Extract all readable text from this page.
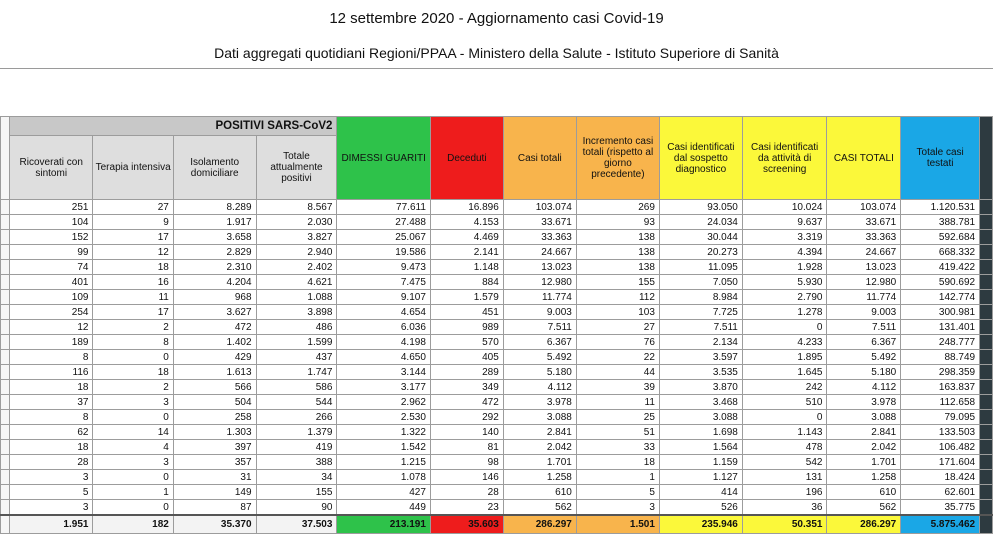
12 settembre 2020 - Aggiornamento casi Covid-19
Dati aggregati quotidiani Regioni/PPAA - Ministero della Salute - Istituto Superiore di Sanità
	POSITIVI SARS-CoV2				DIMESSI GUARITI	Deceduti	Casi totali	Incremento casi totali (rispetto al giorno precedente)	Casi identificati dal sospetto diagnostico	Casi identificati da attività di screening	CASI TOTALI	Totale casi testati	
	Ricoverati con sintomi	Terapia intensiva	Isolamento domiciliare	Totale attualmente positivi									
	251	27	8.289	8.567	77.611	16.896	103.074	269	93.050	10.024	103.074	1.120.531	
	104	9	1.917	2.030	27.488	4.153	33.671	93	24.034	9.637	33.671	388.781	
	152	17	3.658	3.827	25.067	4.469	33.363	138	30.044	3.319	33.363	592.684	
	99	12	2.829	2.940	19.586	2.141	24.667	138	20.273	4.394	24.667	668.332	
	74	18	2.310	2.402	9.473	1.148	13.023	138	11.095	1.928	13.023	419.422	
	401	16	4.204	4.621	7.475	884	12.980	155	7.050	5.930	12.980	590.692	
	109	11	968	1.088	9.107	1.579	11.774	112	8.984	2.790	11.774	142.774	
	254	17	3.627	3.898	4.654	451	9.003	103	7.725	1.278	9.003	300.981	
	12	2	472	486	6.036	989	7.511	27	7.511	0	7.511	131.401	
	189	8	1.402	1.599	4.198	570	6.367	76	2.134	4.233	6.367	248.777	
	8	0	429	437	4.650	405	5.492	22	3.597	1.895	5.492	88.749	
	116	18	1.613	1.747	3.144	289	5.180	44	3.535	1.645	5.180	298.359	
	18	2	566	586	3.177	349	4.112	39	3.870	242	4.112	163.837	
	37	3	504	544	2.962	472	3.978	11	3.468	510	3.978	112.658	
	8	0	258	266	2.530	292	3.088	25	3.088	0	3.088	79.095	
	62	14	1.303	1.379	1.322	140	2.841	51	1.698	1.143	2.841	133.503	
	18	4	397	419	1.542	81	2.042	33	1.564	478	2.042	106.482	
	28	3	357	388	1.215	98	1.701	18	1.159	542	1.701	171.604	
	3	0	31	34	1.078	146	1.258	1	1.127	131	1.258	18.424	
	5	1	149	155	427	28	610	5	414	196	610	62.601	
	3	0	87	90	449	23	562	3	526	36	562	35.775	
	1.951	182	35.370	37.503	213.191	35.603	286.297	1.501	235.946	50.351	286.297	5.875.462	
